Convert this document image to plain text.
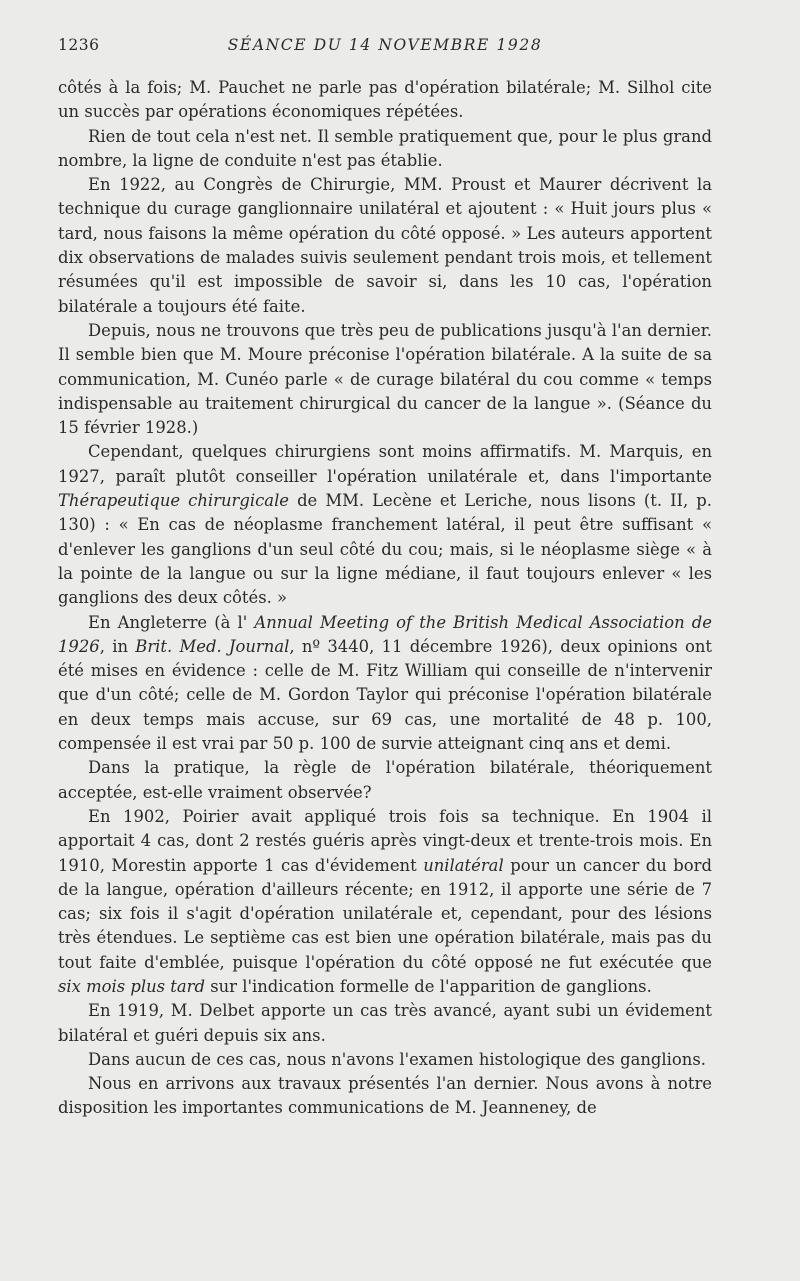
1236	SÉANCE DU 14 NOVEMBRE 1928

côtés à la fois; M. Pauchet ne parle pas d'opération bilatérale; M. Silhol cite un succès par opérations économiques répétées.

Rien de tout cela n'est net. Il semble pratiquement que, pour le plus grand nombre, la ligne de conduite n'est pas établie.

En 1922, au Congrès de Chirurgie, MM. Proust et Maurer décrivent la technique du curage ganglionnaire unilatéral et ajoutent : « Huit jours plus « tard, nous faisons la même opération du côté opposé. » Les auteurs apportent dix observations de malades suivis seulement pendant trois mois, et tellement résumées qu'il est impossible de savoir si, dans les 10 cas, l'opération bilatérale a toujours été faite.

Depuis, nous ne trouvons que très peu de publications jusqu'à l'an dernier. Il semble bien que M. Moure préconise l'opération bilatérale. A la suite de sa communication, M. Cunéo parle « de curage bilatéral du cou comme « temps indispensable au traitement chirurgical du cancer de la langue ». (Séance du 15 février 1928.)

Cependant, quelques chirurgiens sont moins affirmatifs. M. Marquis, en 1927, paraît plutôt conseiller l'opération unilatérale et, dans l'importante Thérapeutique chirurgicale de MM. Lecène et Leriche, nous lisons (t. II, p. 130) : « En cas de néoplasme franchement latéral, il peut être suffisant « d'enlever les ganglions d'un seul côté du cou; mais, si le néoplasme siège « à la pointe de la langue ou sur la ligne médiane, il faut toujours enlever « les ganglions des deux côtés. »

En Angleterre (à l' Annual Meeting of the British Medical Association de 1926, in Brit. Med. Journal, nº 3440, 11 décembre 1926), deux opinions ont été mises en évidence : celle de M. Fitz William qui conseille de n'intervenir que d'un côté; celle de M. Gordon Taylor qui préconise l'opération bilatérale en deux temps mais accuse, sur 69 cas, une mortalité de 48 p. 100, compensée il est vrai par 50 p. 100 de survie atteignant cinq ans et demi.

Dans la pratique, la règle de l'opération bilatérale, théoriquement acceptée, est-elle vraiment observée?

En 1902, Poirier avait appliqué trois fois sa technique. En 1904 il apportait 4 cas, dont 2 restés guéris après vingt-deux et trente-trois mois. En 1910, Morestin apporte 1 cas d'évidement unilatéral pour un cancer du bord de la langue, opération d'ailleurs récente; en 1912, il apporte une série de 7 cas; six fois il s'agit d'opération unilatérale et, cependant, pour des lésions très étendues. Le septième cas est bien une opération bilatérale, mais pas du tout faite d'emblée, puisque l'opération du côté opposé ne fut exécutée que six mois plus tard sur l'indication formelle de l'apparition de ganglions.

En 1919, M. Delbet apporte un cas très avancé, ayant subi un évidement bilatéral et guéri depuis six ans.

Dans aucun de ces cas, nous n'avons l'examen histologique des ganglions.

Nous en arrivons aux travaux présentés l'an dernier. Nous avons à notre disposition les importantes communications de M. Jeanneney, de
